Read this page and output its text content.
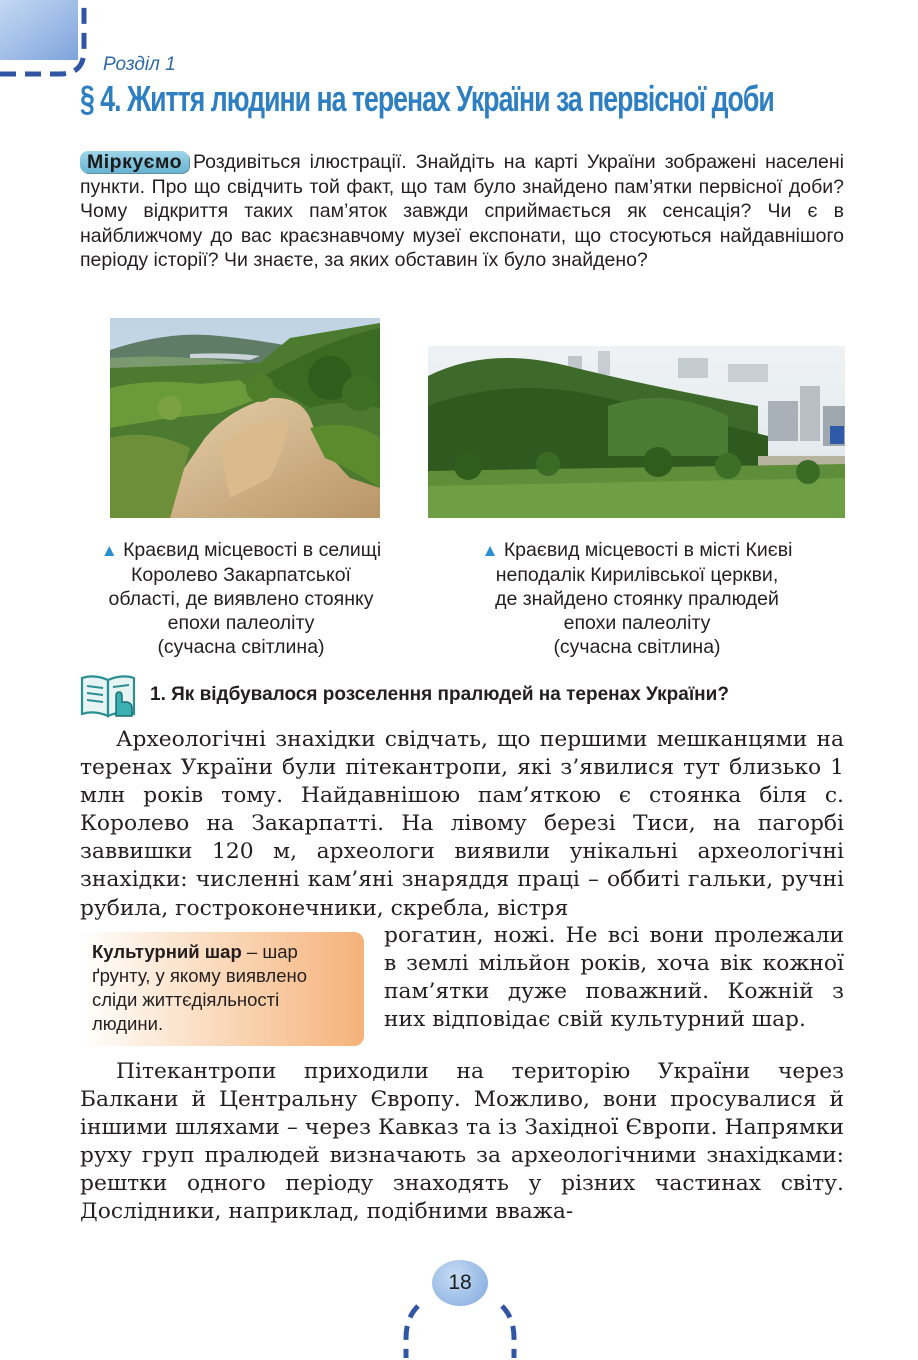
Розділ 1
§ 4. Життя людини на теренах України за первісної доби
Міркуємо Роздивіться ілюстрації. Знайдіть на карті України зображені населені пункти. Про що свідчить той факт, що там було знайдено пам’ятки первісної доби? Чому відкриття таких пам’яток завжди сприймається як сенсація? Чи є в найближчому до вас краєзнавчому музеї експонати, що стосуються найдавнішого періоду історії? Чи знаєте, за яких обставин їх було знайдено?
▲ Краєвид місцевості в селищі
Королево Закарпатської
області, де виявлено стоянку
епохи палеоліту
(сучасна світлина)
▲ Краєвид місцевості в місті Києві
неподалік Кирилівської церкви,
де знайдено стоянку пралюдей
епохи палеоліту
(сучасна світлина)
1. Як відбувалося розселення пралюдей на теренах України?
Археологічні знахідки свідчать, що першими мешканцями на теренах України були пітекантропи, які з’явилися тут близько 1 млн років тому. Найдавнішою пам’яткою є стоянка біля с. Королево на Закарпатті. На лівому березі Тиси, на пагорбі заввишки 120 м, археологи виявили унікальні археологічні знахідки: численні кам’яні знаряддя праці – оббиті гальки, ручні рубила, гостроконечники, скребла, вістря
Культурний шар – шар ґрунту, у якому виявлено сліди життєдіяльності людини.
рогатин, ножі. Не всі вони пролежали в землі мільйон років, хоча вік кожної пам’ятки дуже поважний. Кожній з них відповідає свій культурний шар.
Пітекантропи приходили на територію України через Балкани й Центральну Європу. Можливо, вони просувалися й іншими шляхами – через Кавказ та із Західної Європи. Напрямки руху груп пралюдей визначають за археологічними знахідками: рештки одного періоду знаходять у різних частинах світу. Дослідники, наприклад, подібними вважа-
18
